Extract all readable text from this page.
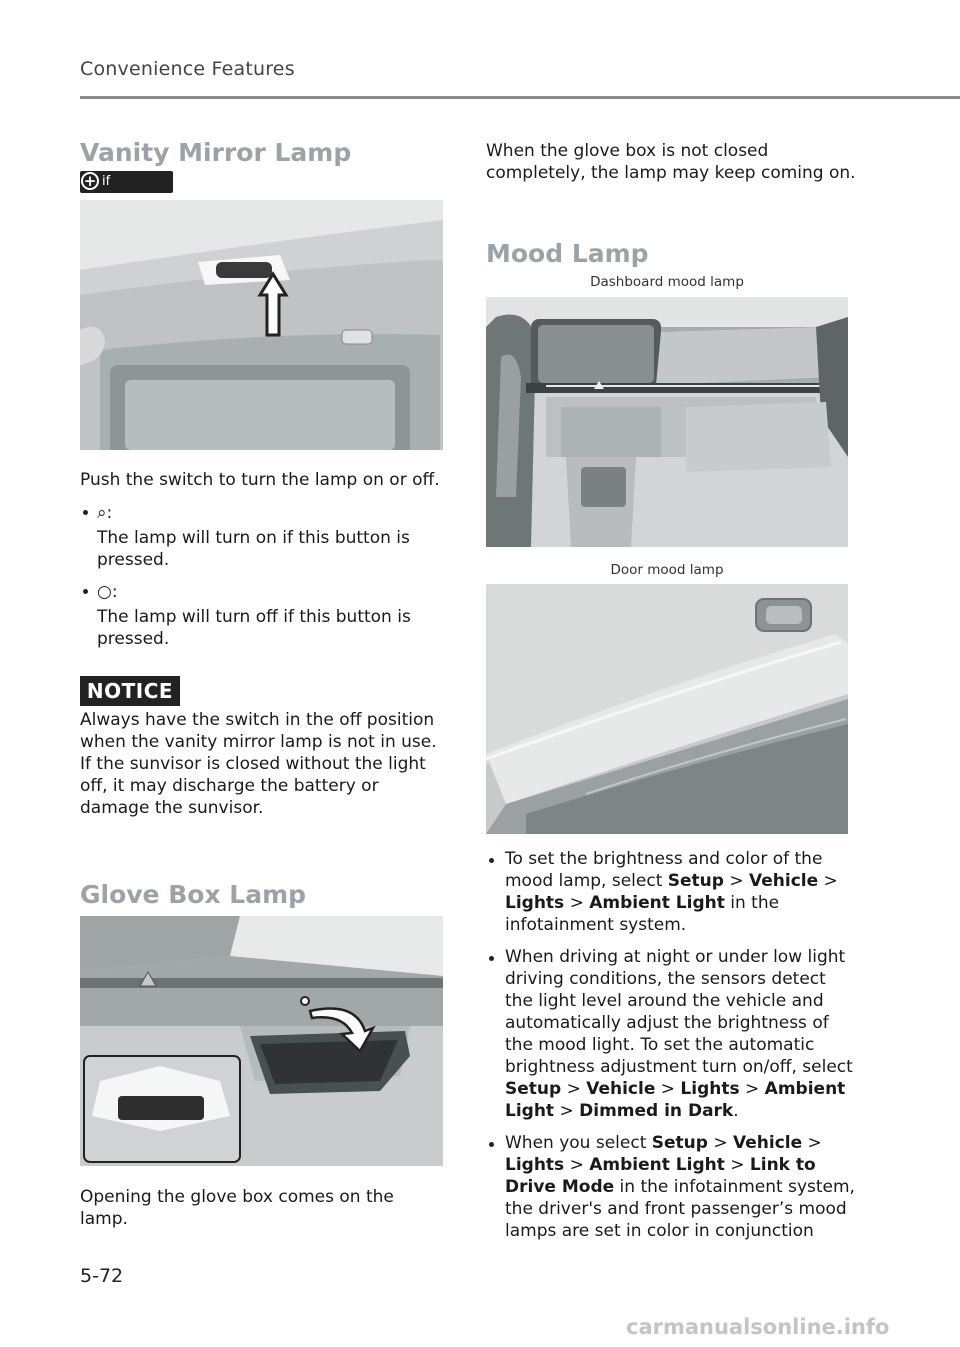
Convenience Features
Vanity Mirror Lamp
+ if
Push the switch to turn the lamp on or off.
⌕:
The lamp will turn on if this button is pressed.
○:
The lamp will turn off if this button is pressed.
NOTICE
Always have the switch in the off position when the vanity mirror lamp is not in use. If the sunvisor is closed without the light off, it may discharge the battery or damage the sunvisor.
Glove Box Lamp
Opening the glove box comes on the lamp.
When the glove box is not closed completely, the lamp may keep coming on.
Mood Lamp
Dashboard mood lamp
Door mood lamp
To set the brightness and color of the mood lamp, select Setup > Vehicle > Lights > Ambient Light in the infotainment system.
When driving at night or under low light driving conditions, the sensors detect the light level around the vehicle and automatically adjust the brightness of the mood light. To set the automatic brightness adjustment turn on/off, select Setup > Vehicle > Lights > Ambient Light > Dimmed in Dark.
When you select Setup > Vehicle > Lights > Ambient Light > Link to Drive Mode in the infotainment system, the driver's and front passenger’s mood lamps are set in color in conjunction
5-72
carmanualsonline.info
